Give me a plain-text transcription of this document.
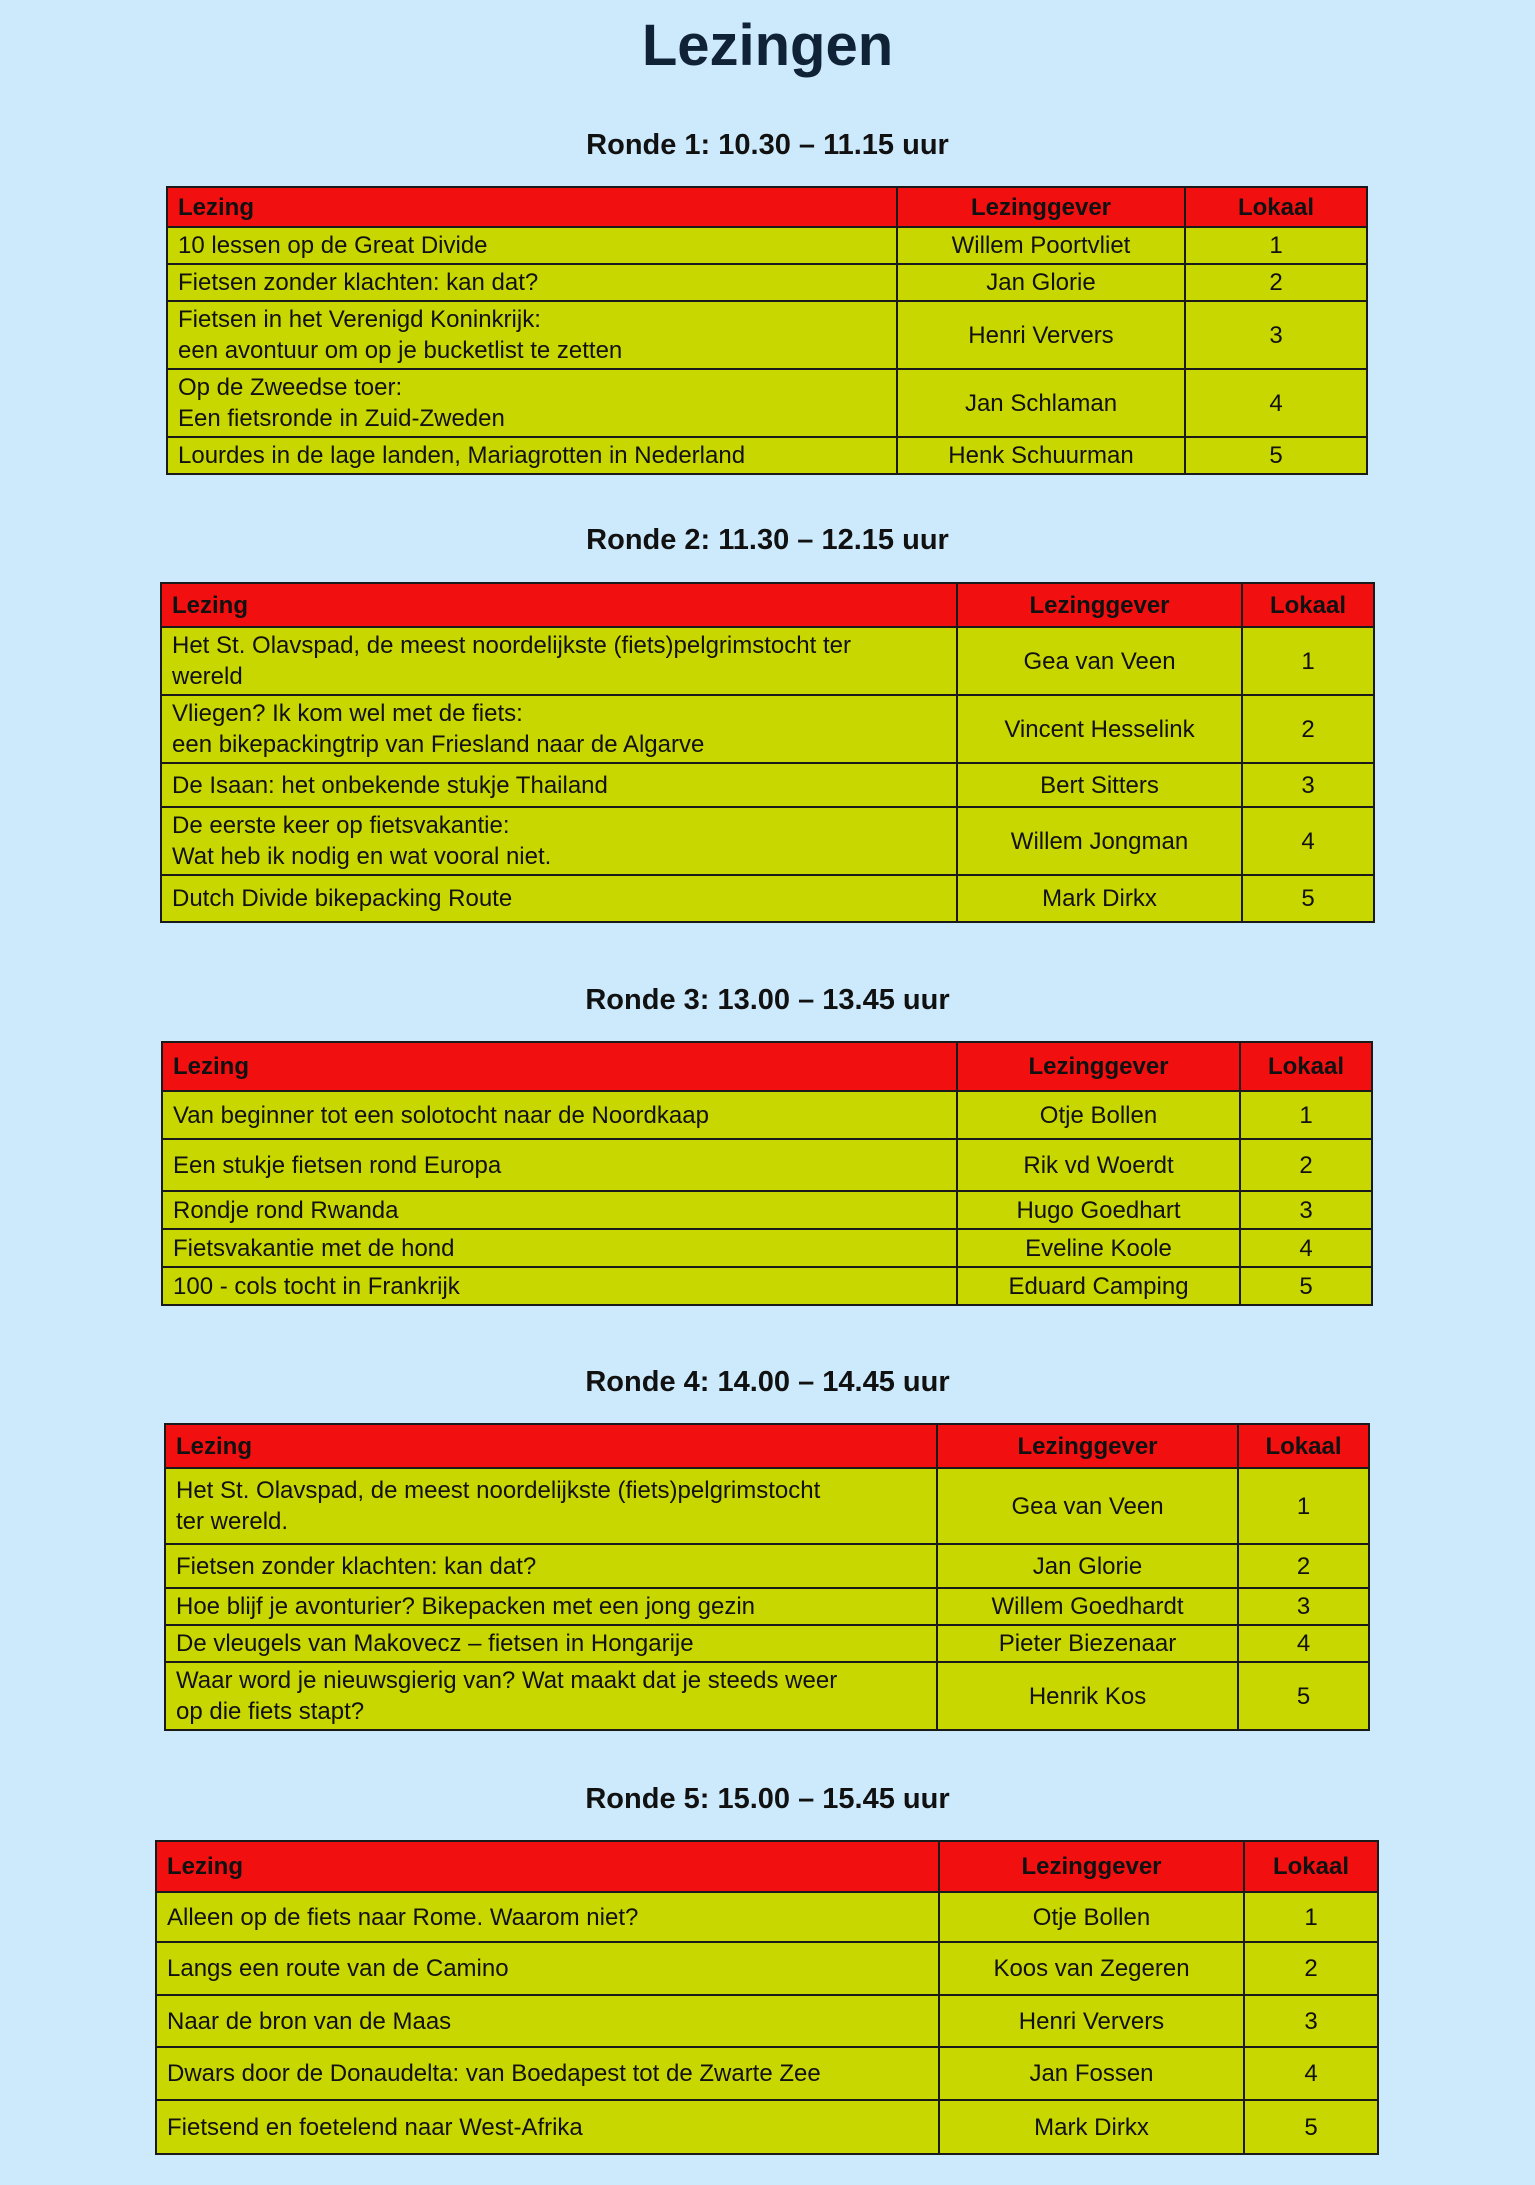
Lezingen
Ronde 1: 10.30 – 11.15 uur
Lezing	Lezinggever	Lokaal
10 lessen op de Great Divide	Willem Poortvliet	1
Fietsen zonder klachten: kan dat?	Jan Glorie	2
Fietsen in het Verenigd Koninkrijk:
een avontuur om op je bucketlist te zetten	Henri Ververs	3
Op de Zweedse toer:
Een fietsronde in Zuid-Zweden	Jan Schlaman	4
Lourdes in de lage landen, Mariagrotten in Nederland	Henk Schuurman	5
Ronde 2: 11.30 – 12.15 uur
Lezing	Lezinggever	Lokaal
Het St. Olavspad, de meest noordelijkste (fiets)pelgrimstocht ter
wereld	Gea van Veen	1
Vliegen? Ik kom wel met de fiets:
een bikepackingtrip van Friesland naar de Algarve	Vincent Hesselink	2
De Isaan: het onbekende stukje Thailand	Bert Sitters	3
De eerste keer op fietsvakantie:
Wat heb ik nodig en wat vooral niet.	Willem Jongman	4
Dutch Divide bikepacking Route	Mark Dirkx	5
Ronde 3: 13.00 – 13.45 uur
Lezing	Lezinggever	Lokaal
Van beginner tot een solotocht naar de Noordkaap	Otje Bollen	1
Een stukje fietsen rond Europa	Rik vd Woerdt	2
Rondje rond Rwanda	Hugo Goedhart	3
Fietsvakantie met de hond	Eveline Koole	4
100 - cols tocht in Frankrijk	Eduard Camping	5
Ronde 4: 14.00 – 14.45 uur
Lezing	Lezinggever	Lokaal
Het St. Olavspad, de meest noordelijkste (fiets)pelgrimstocht
ter wereld.	Gea van Veen	1
Fietsen zonder klachten: kan dat?	Jan Glorie	2
Hoe blijf je avonturier? Bikepacken met een jong gezin	Willem Goedhardt	3
De vleugels van Makovecz – fietsen in Hongarije	Pieter Biezenaar	4
Waar word je nieuwsgierig van? Wat maakt dat je steeds weer
op die fiets stapt?	Henrik Kos	5
Ronde 5: 15.00 – 15.45 uur
Lezing	Lezinggever	Lokaal
Alleen op de fiets naar Rome. Waarom niet?	Otje Bollen	1
Langs een route van de Camino	Koos van Zegeren	2
Naar de bron van de Maas	Henri Ververs	3
Dwars door de Donaudelta: van Boedapest tot de Zwarte Zee	Jan Fossen	4
Fietsend en foetelend naar West-Afrika	Mark Dirkx	5
